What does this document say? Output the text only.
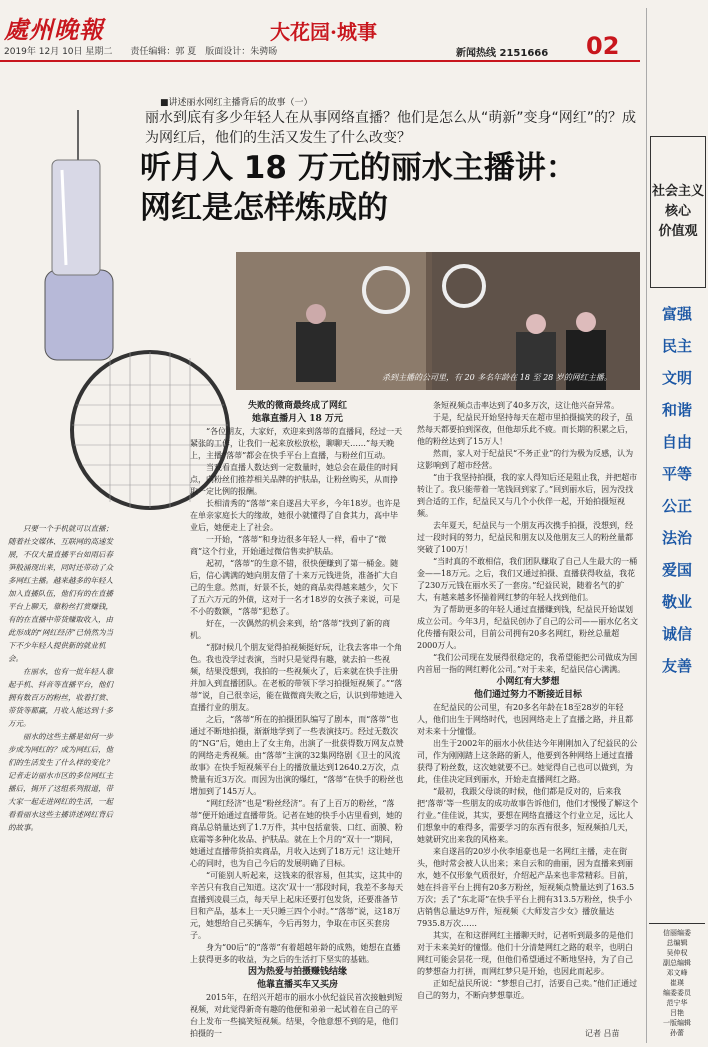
處州晚報	大花园·城事
2019年 12月 10日 星期二　　责任编辑：郭 夏　版面设计：朱骋旸	新闻热线 2151666 02
社会主义
核心
价值观
富强
民主
文明
和谐
自由
平等
公正
法治
爱国
敬业
诚信
友善
信丽编委
总编辑
吴仲权
副总编辑
邓文峰
崔瑛
编委委员
范宁华
吕艳
一版编辑
孙蕾
■讲述丽水网红主播背后的故事（一）
丽水到底有多少年轻人在从事网络直播？他们是怎么从“萌新”变身“网红”的？成为网红后，他们的生活又发生了什么改变？
听月入 18 万元的丽水主播讲：
网红是怎样炼成的
杀到主播的公司里，有 20 多名年龄在 18 至 28 岁的网红主播。
只要一个手机就可以直播；随着社交媒体、互联网的高速发展，不仅大量直播平台如雨后春笋般涌现出来，同时还带动了众多网红主播。越来越多的年轻人加入直播队伍，他们有的在直播平台上聊天，靠粉丝打赏赚钱，有的在直播中带货赚取收入，由此形成的“网红经济”已悄然为当下不少年轻人提供新的就业机会。
在丽水，也有一批年轻人靠起手机、抖音等直播平台，他们拥有数百万的粉丝，收着打赏、带货等都赢，月收入能达到十多万元。
丽水的这些主播是如何一步步成为网红的？成为网红后，他们的生活发生了什么样的变化？记者走访丽水市区的多位网红主播后，揭开了这组系列报道，带大家一起走进网红的生活，一起看看丽水这些主播讲述网红背后的故事。

失败的微商最终成了网红

她靠直播月入 18 万元

“各位朋友，大家好，欢迎来到落蒂的直播间，经过一天紧张的工作，让我们一起来放松放松，聊聊天……”每天晚上，主播“落蒂”都会在快手平台上直播，与粉丝们互动。

当观看直播人数达到一定数量时，她总会在最佳的时间点，向粉丝们推荐相关品牌的护肤品，让粉丝购买，从而挣取一定比例的报酬。

长相清秀的“落蒂”来自遂昌大平乡，今年18岁。也许是在单亲家庭长大的缘故，她很小就懂得了自食其力，高中毕业后，她便走上了社会。

一开始，“落蒂”和身边很多年轻人一样，看中了“微商”这个行业，开始通过微信售卖护肤品。

起初，“落蒂”的生意不错，很快便赚到了第一桶金。随后，信心满满的她向朋友借了十来万元钱进货，准备扩大自己的生意。然而，好景不长，她的商品卖得越来越少，欠下了五六万元的外债，这对于一名才18岁的女孩子来说，可是不小的数额，“落蒂”犯愁了。

好在，一次偶然的机会来到，给“落蒂”找到了新的商机。

“那时候几个朋友觉得拍视频挺好玩，让我去客串一个角色。我也没学过表演，当时只是觉得有趣，就去拍一些视频，结果没想到，我拍的一些视频火了，后来就在快手注册并加入到直播团队。在老板的带领下学习拍摄短视频了。”“落蒂”说，自己很幸运，能在做微商失败之后，认识到带她进入直播行业的朋友。

之后，“落蒂”所在的拍摄团队编写了剧本，而“落蒂”也通过不断地拍摄，渐渐地学到了一些表演技巧。经过无数次的“NG”后，她由上了女主角，出演了一批获得数万网友点赞的网络走秀视频。由“落蒂”主演的32集网络剧《卫士的风流故事》在快手短视频平台上的播放量达到12640.2万次，点赞量有近3万次。而因为出演的爆红，“落蒂”在快手的粉丝也增加到了145万人。

“网红经济”也是“粉丝经济”。有了上百万的粉丝，“落蒂”便开始通过直播带货。记者在她的快手小店里看到，她的商品总销量达到了1.7万件，其中包括童装、口红、面膜、粉底霜等多种化妆品、护肤品。就在上个月的“双十一”期间，她通过直播带货拍卖商品，月收入达到了18万元！这让她开心的同时，也为自己今后的发展明确了目标。

“可能别人听起来，这钱来的很容易，但其实，这其中的辛苦只有我自己知道。这次‘双十一’那段时间，我差不多每天直播到凌晨三点，每天早上起床还要打包发货，还要准备节目和产品，基本上一天只睡三四个小时。”“落蒂”说，这18万元，她想给自己买辆车，今后再努力，争取在市区买套房子。

身为“00后”的“落蒂”有着超越年龄的成熟，她想在直播上获得更多的收益，为之后的生活打下坚实的基础。

因为热爱与拍摄赚钱结缘

他靠直播买车又买房

2015年，在绍兴开超市的丽水小伙纪益民首次接触到短视频，对此觉得新奇有趣的他便和弟弟一起试着在自己的平台上发布一些搞笑短视频。结果，令他意想不到的是，他们拍摄的一

条短视频点击率达到了40多万次，这让他兴奋异常。

于是，纪益民开始坚持每天在超市里拍摄搞笑的段子，虽然每天都要拍到深夜，但他却乐此不疲。而长期的积累之后，他的粉丝达到了15万人！

然而，家人对于纪益民“不务正业”的行为极为反感，认为这影响到了超市经营。

“由于我坚持拍摄，我的家人得知后还是阻止我，并把超市转让了。我只能带着一笔钱回到家了。”回到丽水后，因为没找到合适的工作，纪益民又与几个小伙伴一起，开始拍摄短视频。

去年夏天，纪益民与一个朋友再次携手拍摄，没想到，经过一段时间的努力，纪益民和朋友以及他朋友三人的粉丝量都突破了100万！

“当时真的不敢相信，我们团队赚取了自己人生最大的一桶金——18万元。之后，我们又通过拍摄、直播获得收益，我花了230万元钱在丽水买了一套房。”纪益民说，随着名气的扩大，有越来越多怀揣着网红梦的年轻人找到他们。

为了帮助更多的年轻人通过直播赚到钱，纪益民开始谋划成立公司。今年3月，纪益民创办了自己的公司——丽水亿名文化传播有限公司，目前公司拥有20多名网红，粉丝总量超2000万人。

“我们公司现在发展得很稳定的，我希望能把公司做成为国内首屈一指的网红孵化公司。”对于未来，纪益民信心满满。

小网红有大梦想

他们通过努力不断接近目标

在纪益民的公司里，有20多名年龄在18至28岁的年轻人，他们出生于网络时代，也因网络走上了直播之路，并且都对未来十分憧憬。

出生于2002年的丽水小伙佳达今年刚刚加入了纪益民的公司，作为刚刚踏上这条路的新人，他要到各种网络上通过直播获得了粉丝数，这次她就要不已。她觉得自己也可以做到，为此，佳佳决定回到丽水，开始走直播网红之路。

“最初，我跟父母谈的时候，他们都是反对的，后来我把‘落蒂’等一些朋友的成功故事告诉他们，他们才慢慢了解这个行业。”佳佳说，其实，要想在网络直播这个行业立足，远比人们想象中的难得多，需要学习的东西有很多，短视频拍几天，她就研究出来我的风格来。

来自遂昌的20岁小伙李旭豪也是一名网红主播，走在街头，他时常会被人认出来；来自云和的曲丽，因为直播来到丽水，她不仅形象气质很好，介绍起产品来也非常精彩。目前，她在抖音平台上拥有20多万粉丝，短视频点赞量达到了163.5万次；丢了“东北哥”在快手平台上拥有313.5万粉丝，快手小店销售总量达9万件，短视频《大师发言少女》播放量达7935.8万次……

其实，在和这群网红主播聊天时，记者听到最多的是他们对于未来美好的憧憬。他们十分清楚网红之路的艰辛，也明白网红可能会昙花一现，但他们希望通过不断地坚持，为了自己的梦想奋力打拼，而网红梦只是开始，也因此而起步。

正如纪益民所说：“梦想自己打，活要自己卖。”他们正通过自己的努力，不断向梦想靠近。

记者 吕苗
